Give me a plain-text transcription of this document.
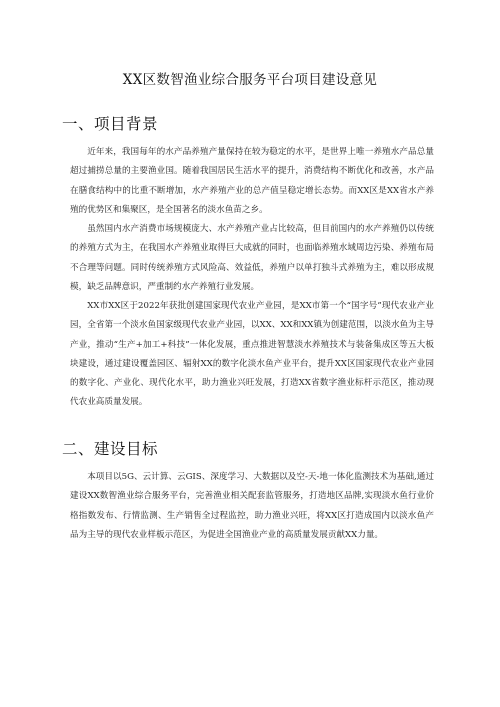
XX区数智渔业综合服务平台项目建设意见
一、项目背景

近年来，我国每年的水产品养殖产量保持在较为稳定的水平，是世界上唯一养殖水产品总量超过捕捞总量的主要渔业国。随着我国居民生活水平的提升，消费结构不断优化和改善，水产品在膳食结构中的比重不断增加，水产养殖产业的总产值呈稳定增长态势。而XX区是XX省水产养殖的优势区和集聚区，是全国著名的淡水鱼苗之乡。

虽然国内水产消费市场规模庞大、水产养殖产业占比较高，但目前国内的水产养殖仍以传统的养殖方式为主，在我国水产养殖业取得巨大成就的同时，也面临养殖水域周边污染、养殖布局不合理等问题。同时传统养殖方式风险高、效益低，养殖户以单打独斗式养殖为主，难以形成规模，缺乏品牌意识，严重制约水产养殖行业发展。

XX市XX区于2022年获批创建国家现代农业产业园，是XX市第一个“国字号”现代农业产业园，全省第一个淡水鱼国家级现代农业产业园，以XX、XX和XX镇为创建范围，以淡水鱼为主导产业，推动“生产+加工+科技”一体化发展，重点推进智慧淡水养殖技术与装备集成区等五大板块建设，通过建设覆盖园区、辐射XX的数字化淡水鱼产业平台，提升XX区国家现代农业产业园的数字化、产业化、现代化水平，助力渔业兴旺发展，打造XX省数字渔业标杆示范区，推动现代农业高质量发展。

二、建设目标

本项目以5G、云计算、云GIS、深度学习、大数据以及空-天-地一体化监测技术为基础,通过建设XX数智渔业综合服务平台，完善渔业相关配套监管服务，打造地区品牌,实现淡水鱼行业价格指数发布、行情监测、生产销售全过程监控，助力渔业兴旺，将XX区打造成国内以淡水鱼产品为主导的现代农业样板示范区，为促进全国渔业产业的高质量发展贡献XX力量。
